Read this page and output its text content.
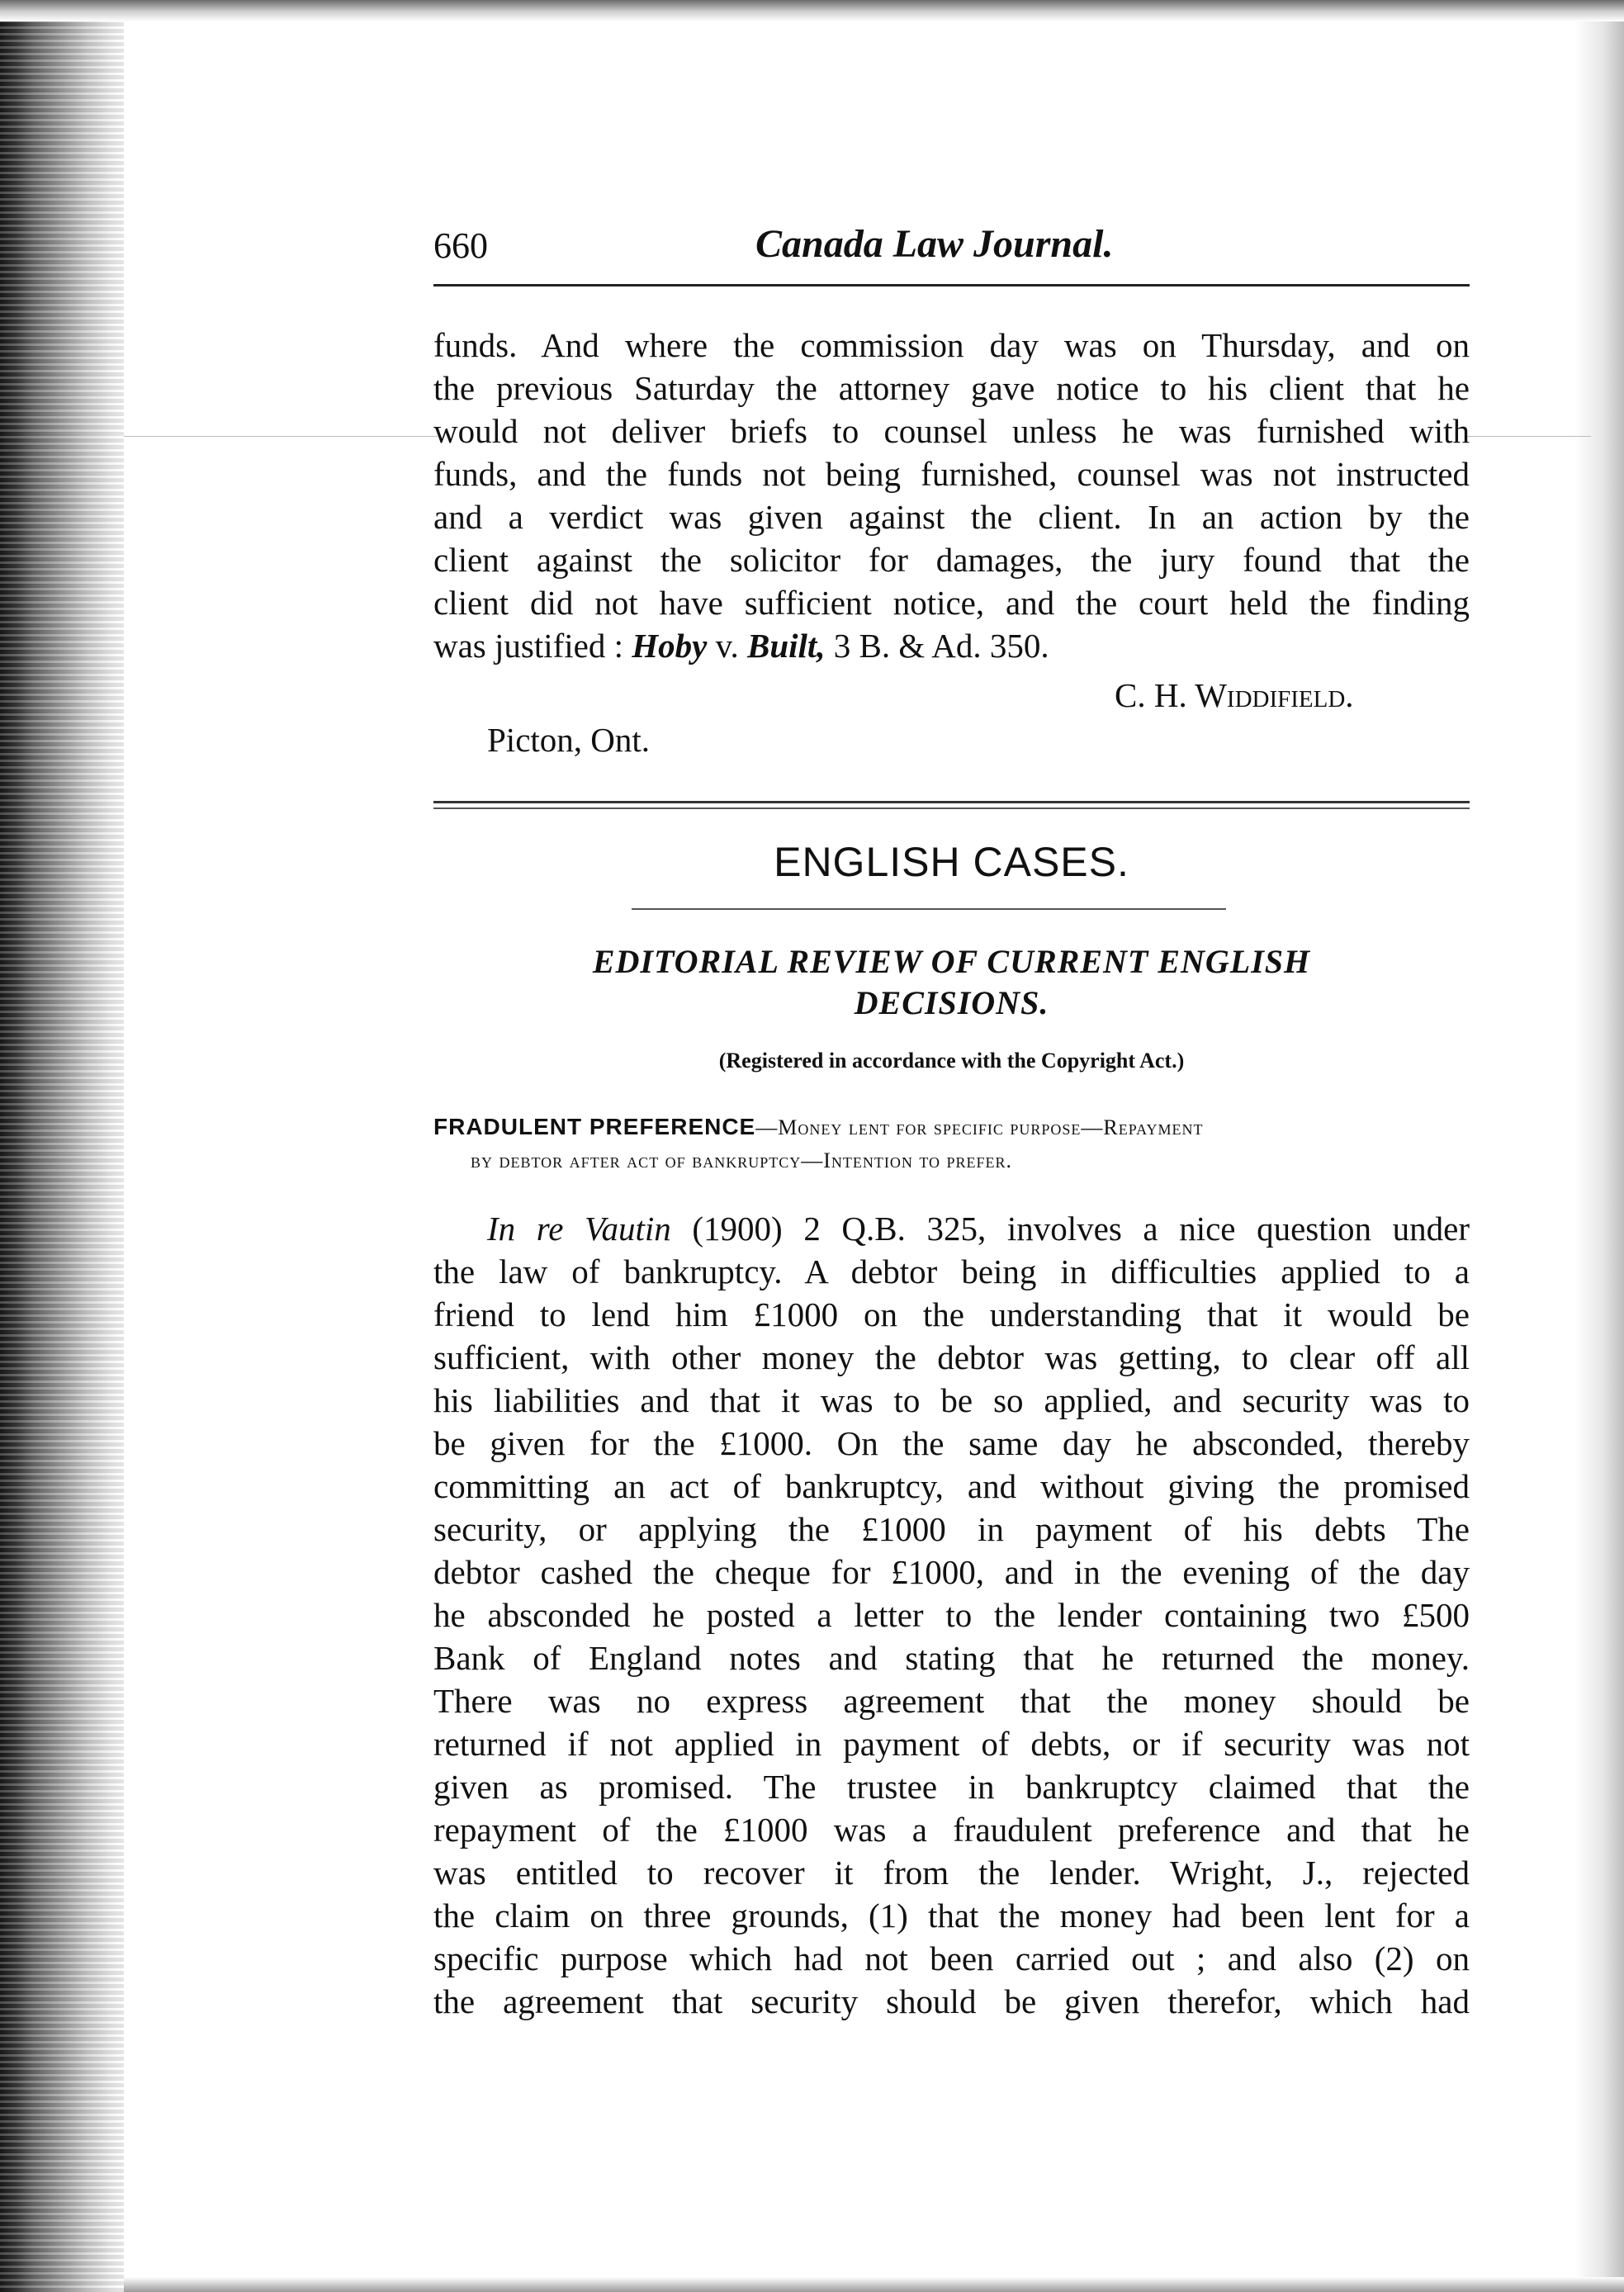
660	Canada Law Journal.
funds. And where the commission day was on Thursday, and on
the previous Saturday the attorney gave notice to his client that he
would not deliver briefs to counsel unless he was furnished with
funds, and the funds not being furnished, counsel was not instructed
and a verdict was given against the client. In an action by the
client against the solicitor for damages, the jury found that the
client did not have sufficient notice, and the court held the finding
was justified : Hoby v. Built, 3 B. & Ad. 350.
C. H. Widdifield.
Picton, Ont.
ENGLISH CASES.
EDITORIAL REVIEW OF CURRENT ENGLISH
DECISIONS.
(Registered in accordance with the Copyright Act.)
FRADULENT PREFERENCE—Money lent for specific purpose—Repayment
by debtor after act of bankruptcy—Intention to prefer.
In re Vautin (1900) 2 Q.B. 325, involves a nice question under
the law of bankruptcy. A debtor being in difficulties applied to a
friend to lend him £1000 on the understanding that it would be
sufficient, with other money the debtor was getting, to clear off all
his liabilities and that it was to be so applied, and security was to
be given for the £1000. On the same day he absconded, thereby
committing an act of bankruptcy, and without giving the promised
security, or applying the £1000 in payment of his debts The
debtor cashed the cheque for £1000, and in the evening of the day
he absconded he posted a letter to the lender containing two £500
Bank of England notes and stating that he returned the money.
There was no express agreement that the money should be
returned if not applied in payment of debts, or if security was not
given as promised. The trustee in bankruptcy claimed that the
repayment of the £1000 was a fraudulent preference and that he
was entitled to recover it from the lender. Wright, J., rejected
the claim on three grounds, (1) that the money had been lent for a
specific purpose which had not been carried out ; and also (2) on
the agreement that security should be given therefor, which had
